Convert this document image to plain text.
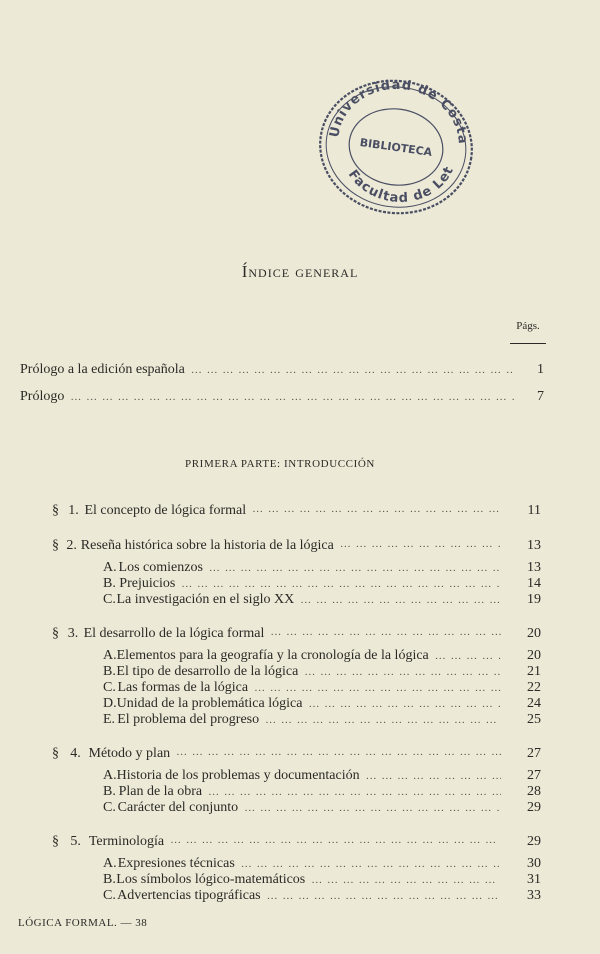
Universidad de Costa
BIBLIOTECA
Facultad de Letras
Índice general
Págs.
Prólogo a la edición española … … … … … … … … … … … … … … … … … … … … … … … … … … … … … … … … … … … … … … … … … … … … …	1
Prólogo … … … … … … … … … … … … … … … … … … … … … … … … … … … … … … … … … … … … … … … … … … … … …	7
PRIMERA PARTE: INTRODUCCIÓN
§ 1. El concepto de lógica formal … … … … … … … … … … … … … … … … … … … … … … … … … … … … … … … …	11
§ 2. Reseña histórica sobre la historia de la lógica … … … … … … … … … … … … … … … … … … … … … … … … … … … … … … … …	13
A. Los comienzos … … … … … … … … … … … … … … … … … … … … … … … … … … … … … … … …	13
B. Prejuicios … … … … … … … … … … … … … … … … … … … … … … … … … … … … … … … …	14
C. La investigación en el siglo XX … … … … … … … … … … … … … … … … … … … … … … … … … … … … … … … …	19
§ 3. El desarrollo de la lógica formal … … … … … … … … … … … … … … … … … … … … … … … … … … … … … … … …	20
A. Elementos para la geografía y la cronología de la lógica … … … … … … … … … … … … … … … … … … … … … … … … … … … … … … … …	20
B. El tipo de desarrollo de la lógica … … … … … … … … … … … … … … … … … … … … … … … … … … … … … … … …	21
C. Las formas de la lógica … … … … … … … … … … … … … … … … … … … … … … … … … … … … … … … …	22
D. Unidad de la problemática lógica … … … … … … … … … … … … … … … … … … … … … … … … … … … … … … … …	24
E. El problema del progreso … … … … … … … … … … … … … … … … … … … … … … … … … … … … … … … …	25
§ 4. Método y plan … … … … … … … … … … … … … … … … … … … … … … … … … … … … … … … …	27
A. Historia de los problemas y documentación … … … … … … … … … … … … … … … … … … … … … … … … … … … … … … … …	27
B. Plan de la obra … … … … … … … … … … … … … … … … … … … … … … … … … … … … … … … …	28
C. Carácter del conjunto … … … … … … … … … … … … … … … … … … … … … … … … … … … … … … … …	29
§ 5. Terminología … … … … … … … … … … … … … … … … … … … … … … … … … … … … … … … …	29
A. Expresiones técnicas … … … … … … … … … … … … … … … … … … … … … … … … … … … … … … … …	30
B. Los símbolos lógico-matemáticos … … … … … … … … … … … … … … … … … … … … … … … … … … … … … … … …	31
C. Advertencias tipográficas … … … … … … … … … … … … … … … … … … … … … … … … … … … … … … … …	33
LÓGICA FORMAL. — 38
